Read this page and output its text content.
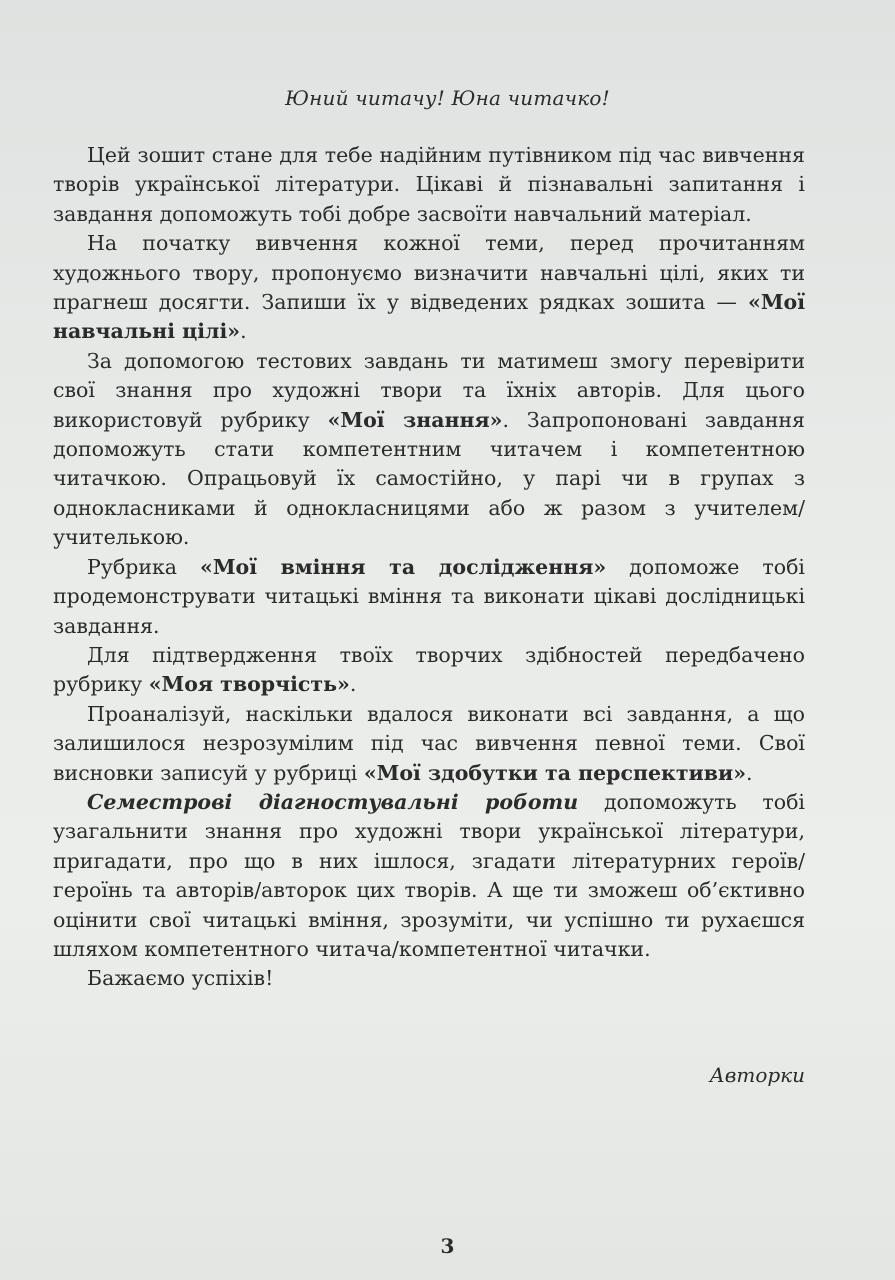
Юний читачу! Юна читачко!

Цей зошит стане для тебе надійним путівником під час вивчення творів української літератури. Цікаві й пізнавальні запитання і завдання допоможуть тобі добре засвоїти навчальний матеріал.

На початку вивчення кожної теми, перед прочитанням художнього твору, пропонуємо визначити навчальні цілі, яких ти прагнеш досягти. Запиши їх у відведених рядках зошита — «Мої навчальні цілі».

За допомогою тестових завдань ти матимеш змогу перевірити свої знання про художні твори та їхніх авторів. Для цього використовуй рубрику «Мої знання». Запропоновані завдання допоможуть стати компетентним читачем і компетентною читачкою. Опрацьовуй їх самостійно, у парі чи в групах з однокласниками й однокласницями або ж разом з учителем/ учителькою.

Рубрика «Мої вміння та дослідження» допоможе тобі продемонструвати читацькі вміння та виконати цікаві дослідницькі завдання.

Для підтвердження твоїх творчих здібностей передбачено рубрику «Моя творчість».

Проаналізуй, наскільки вдалося виконати всі завдання, а що залишилося незрозумілим під час вивчення певної теми. Свої висновки записуй у рубриці «Мої здобутки та перспективи».

Семестрові діагностувальні роботи допоможуть тобі узагальнити знання про художні твори української літератури, пригадати, про що в них ішлося, згадати літературних героїв/героїнь та авторів/авторок цих творів. А ще ти зможеш об’єктивно оцінити свої читацькі вміння, зрозуміти, чи успішно ти рухаєшся шляхом компетентного читача/компетентної читачки.

Бажаємо успіхів!

Авторки
3
